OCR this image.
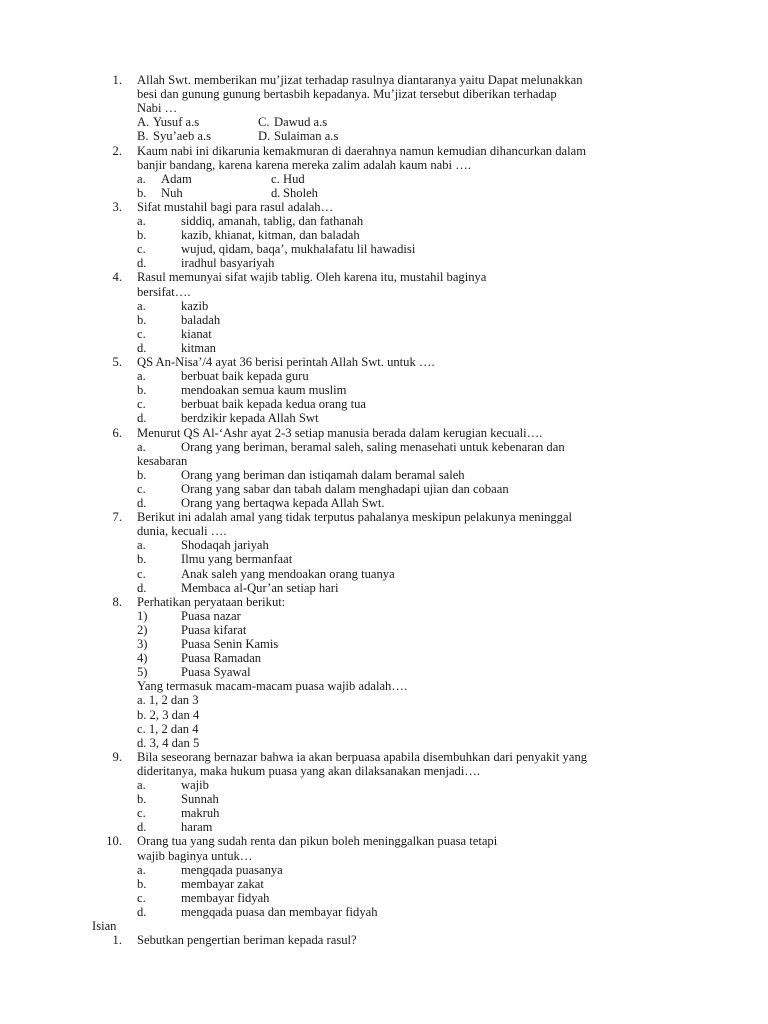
1. Allah Swt. memberikan mu’jizat terhadap rasulnya diantaranya yaitu Dapat melunakkan
besi dan gunung gunung bertasbih kepadanya. Mu’jizat tersebut diberikan terhadap
Nabi …
A. Yusuf a.s	C. Dawud a.s
B. Syu’aeb a.s	D. Sulaiman a.s
2. Kaum nabi ini dikarunia kemakmuran di daerahnya namun kemudian dihancurkan dalam
banjir bandang, karena karena mereka zalim adalah kaum nabi ….
a. Adam	c. Hud
b. Nuh	d. Sholeh
3. Sifat mustahil bagi para rasul adalah…
a.	siddiq, amanah, tablig, dan fathanah
b.	kazib, khianat, kitman, dan baladah
c.	wujud, qidam, baqa’, mukhalafatu lil hawadisi
d.	iradhul basyariyah
4. Rasul memunyai sifat wajib tablig. Oleh karena itu, mustahil baginya
bersifat….
a.	kazib
b.	baladah
c.	kianat
d.	kitman
5. QS An-Nisa’/4 ayat 36 berisi perintah Allah Swt. untuk ….
a.	berbuat baik kepada guru
b.	mendoakan semua kaum muslim
c.	berbuat baik kepada kedua orang tua
d.	berdzikir kepada Allah Swt
6. Menurut QS Al-‘Ashr ayat 2-3 setiap manusia berada dalam kerugian kecuali….
a.	Orang yang beriman, beramal saleh, saling menasehati untuk kebenaran dan
kesabaran
b.	Orang yang beriman dan istiqamah dalam beramal saleh
c.	Orang yang sabar dan tabah dalam menghadapi ujian dan cobaan
d.	Orang yang bertaqwa kepada Allah Swt.
7. Berikut ini adalah amal yang tidak terputus pahalanya meskipun pelakunya meninggal
dunia, kecuali ….
a.	Shodaqah jariyah
b.	Ilmu yang bermanfaat
c.	Anak saleh yang mendoakan orang tuanya
d.	Membaca al-Qur’an setiap hari
8. Perhatikan peryataan berikut:
1)	Puasa nazar
2)	Puasa kifarat
3)	Puasa Senin Kamis
4)	Puasa Ramadan
5)	Puasa Syawal
Yang termasuk macam-macam puasa wajib adalah….
a. 1, 2 dan 3
b. 2, 3 dan 4
c. 1, 2 dan 4
d. 3, 4 dan 5
9. Bila seseorang bernazar bahwa ia akan berpuasa apabila disembuhkan dari penyakit yang
dideritanya, maka hukum puasa yang akan dilaksanakan menjadi….
a.	wajib
b.	Sunnah
c.	makruh
d.	haram
10. Orang tua yang sudah renta dan pikun boleh meninggalkan puasa tetapi
wajib baginya untuk…
a.	mengqada puasanya
b.	membayar zakat
c.	membayar fidyah
d.	mengqada puasa dan membayar fidyah
Isian
1. Sebutkan pengertian beriman kepada rasul?
